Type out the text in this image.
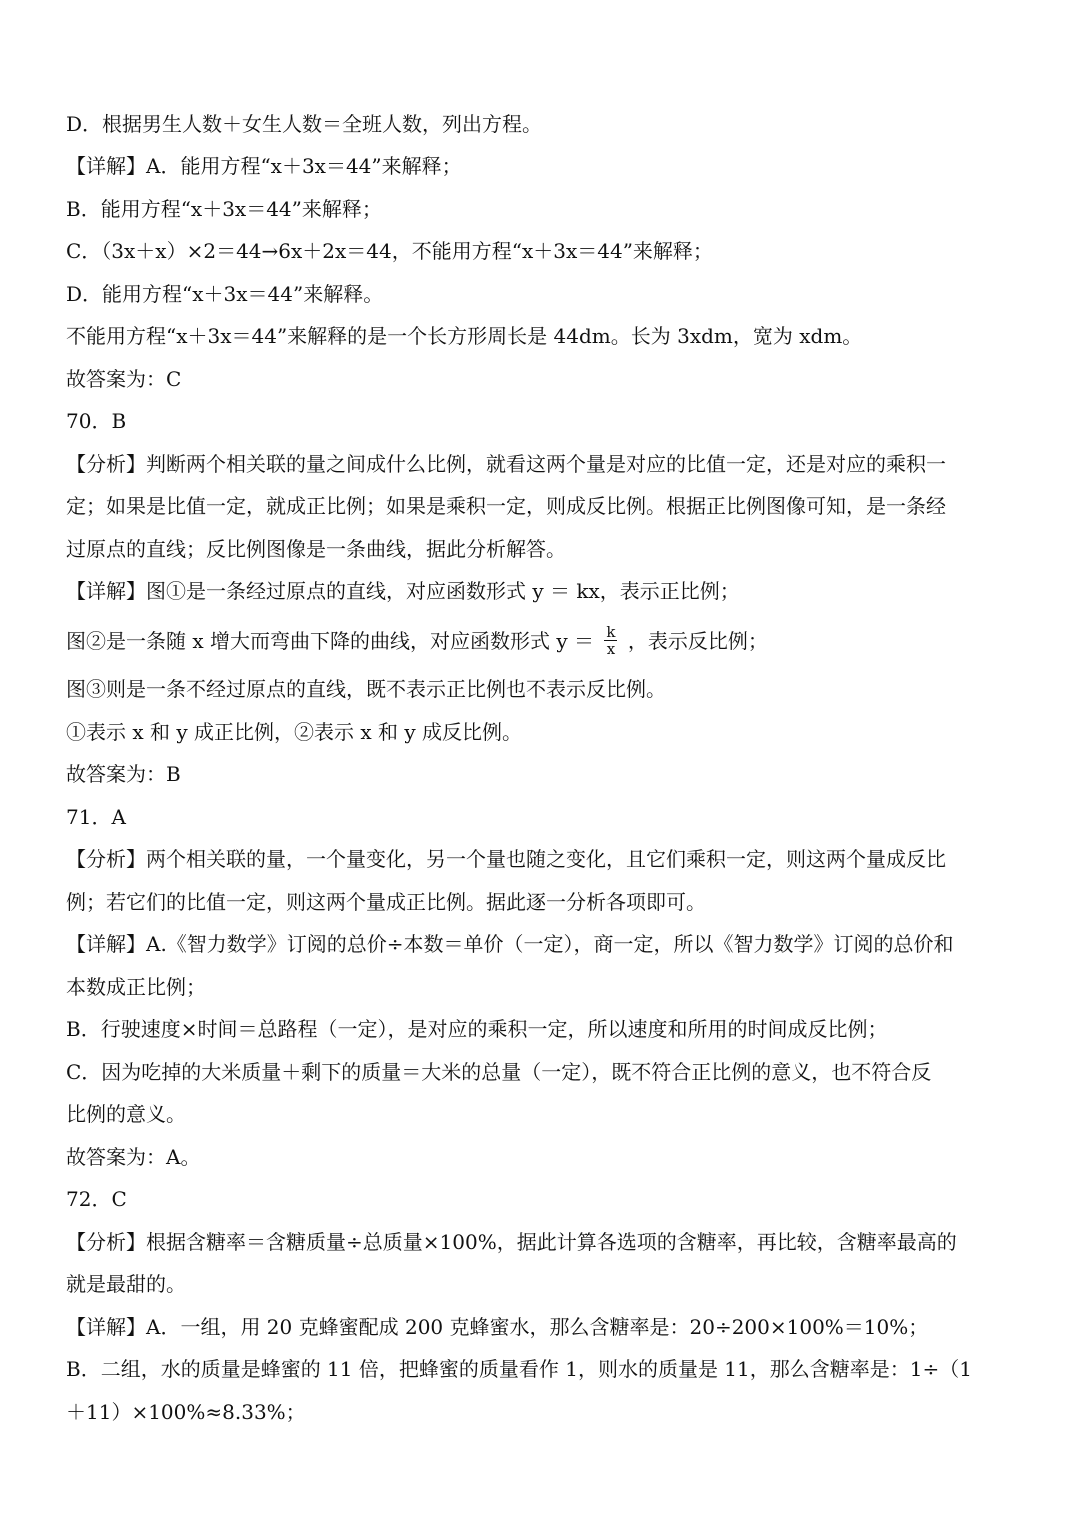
D．根据男生人数＋女生人数＝全班人数，列出方程。
【详解】A．能用方程“x＋3x＝44”来解释；
B．能用方程“x＋3x＝44”来解释；
C．（3x＋x）×2＝44→6x＋2x＝44，不能用方程“x＋3x＝44”来解释；
D．能用方程“x＋3x＝44”来解释。
不能用方程“x＋3x＝44”来解释的是一个长方形周长是 44dm。长为 3xdm，宽为 xdm。
故答案为：C
70．B
【分析】判断两个相关联的量之间成什么比例，就看这两个量是对应的比值一定，还是对应的乘积一
定；如果是比值一定，就成正比例；如果是乘积一定，则成反比例。根据正比例图像可知，是一条经
过原点的直线；反比例图像是一条曲线，据此分析解答。
【详解】图①是一条经过原点的直线，对应函数形式 y ＝ kx，表示正比例；
图②是一条随 x 增大而弯曲下降的曲线，对应函数形式 $y = \frac{k}{x}$ ，表示反比例；
图③则是一条不经过原点的直线，既不表示正比例也不表示反比例。
①表示 x 和 y 成正比例，②表示 x 和 y 成反比例。
故答案为：B
71．A
【分析】两个相关联的量，一个量变化，另一个量也随之变化，且它们乘积一定，则这两个量成反比
例；若它们的比值一定，则这两个量成正比例。据此逐一分析各项即可。
【详解】A.《智力数学》订阅的总价÷本数＝单价（一定），商一定，所以《智力数学》订阅的总价和
本数成正比例；
B．行驶速度×时间＝总路程（一定），是对应的乘积一定，所以速度和所用的时间成反比例；
C．因为吃掉的大米质量＋剩下的质量＝大米的总量（一定），既不符合正比例的意义，也不符合反
比例的意义。
故答案为：A。
72．C
【分析】根据含糖率＝含糖质量÷总质量×100%，据此计算各选项的含糖率，再比较，含糖率最高的
就是最甜的。
【详解】A．一组，用 20 克蜂蜜配成 200 克蜂蜜水，那么含糖率是：20÷200×100%＝10%；
B．二组，水的质量是蜂蜜的 11 倍，把蜂蜜的质量看作 1，则水的质量是 11，那么含糖率是：1÷（1
＋11）×100%≈8.33%；
